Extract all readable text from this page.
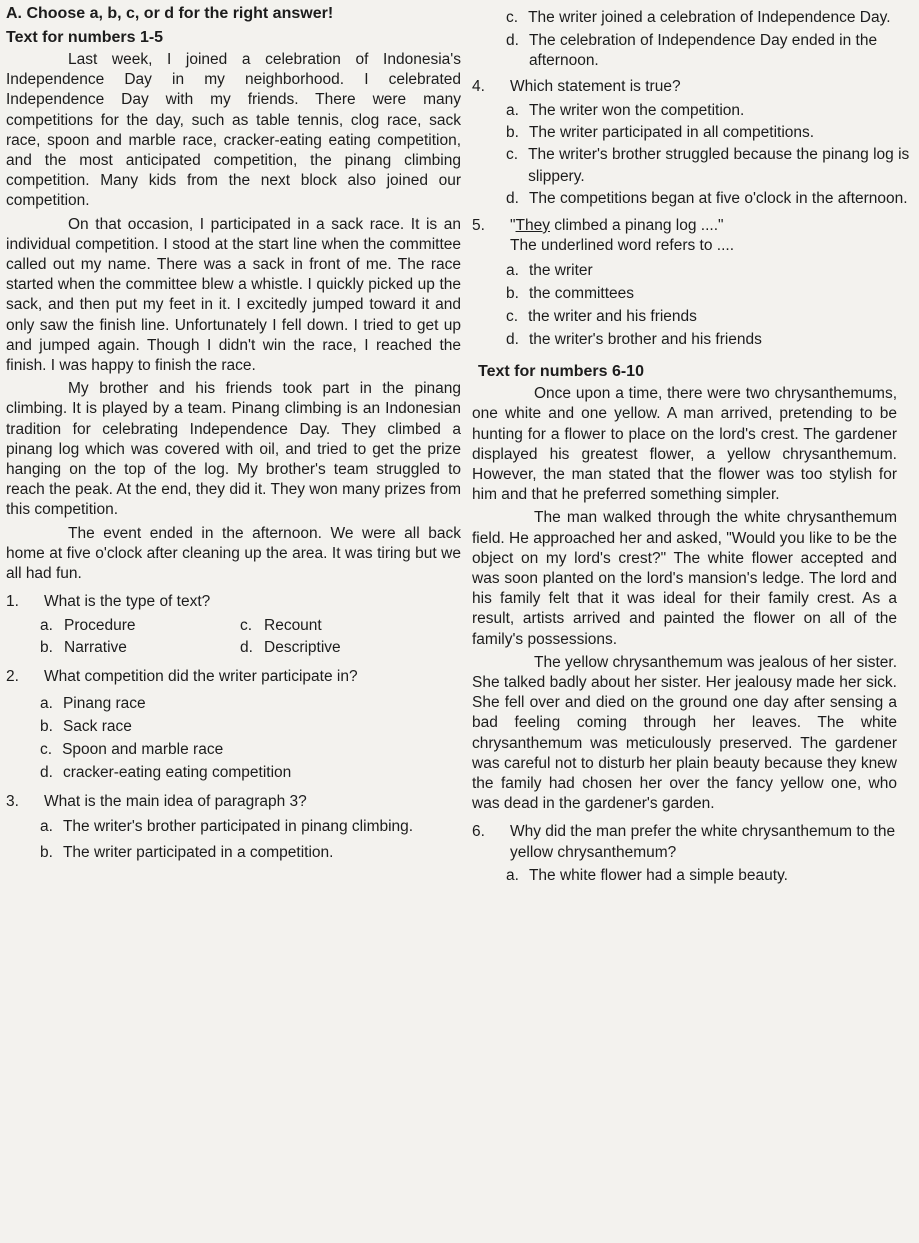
A. Choose a, b, c, or d for the right answer!

Text for numbers 1-5

Last week, I joined a celebration of Indonesia's Independence Day in my neighborhood. I celebrated Independence Day with my friends. There were many competitions for the day, such as table tennis, clog race, sack race, spoon and marble race, cracker-eating eating competition, and the most anticipated competition, the pinang climbing competition. Many kids from the next block also joined our competition.

On that occasion, I participated in a sack race. It is an individual competition. I stood at the start line when the committee called out my name. There was a sack in front of me. The race started when the committee blew a whistle. I quickly picked up the sack, and then put my feet in it. I excitedly jumped toward it and only saw the finish line. Unfortunately I fell down. I tried to get up and jumped again. Though I didn't win the race, I reached the finish. I was happy to finish the race.

My brother and his friends took part in the pinang climbing. It is played by a team. Pinang climbing is an Indonesian tradition for celebrating Independence Day. They climbed a pinang log which was covered with oil, and tried to get the prize hanging on the top of the log. My brother's team struggled to reach the peak. At the end, they did it. They won many prizes from this competition.

The event ended in the afternoon. We were all back home at five o'clock after cleaning up the area. It was tiring but we all had fun.

1.	What is the type of text?
a. Procedure	c. Recount
b. Narrative	d. Descriptive
2.	What competition did the writer participate in?
a. Pinang race
b. Sack race
c. Spoon and marble race
d. cracker-eating eating competition
3.	What is the main idea of paragraph 3?
a. The writer's brother participated in pinang climbing.
b. The writer participated in a competition.
c. The writer joined a celebration of Independence Day.
d. The celebration of Independence Day ended in the afternoon.
4.	Which statement is true?
a. The writer won the competition.
b. The writer participated in all competitions.
c. The writer's brother struggled because the pinang log is slippery.
d. The competitions began at five o'clock in the afternoon.
5.	"They climbed a pinang log ...."
The underlined word refers to ....
a. the writer
b. the committees
c. the writer and his friends
d. the writer's brother and his friends

Text for numbers 6-10

Once upon a time, there were two chrysanthemums, one white and one yellow. A man arrived, pretending to be hunting for a flower to place on the lord's crest. The gardener displayed his greatest flower, a yellow chrysanthemum. However, the man stated that the flower was too stylish for him and that he preferred something simpler.

The man walked through the white chrysanthemum field. He approached her and asked, "Would you like to be the object on my lord's crest?" The white flower accepted and was soon planted on the lord's mansion's ledge. The lord and his family felt that it was ideal for their family crest. As a result, artists arrived and painted the flower on all of the family's possessions.

The yellow chrysanthemum was jealous of her sister. She talked badly about her sister. Her jealousy made her sick. She fell over and died on the ground one day after sensing a bad feeling coming through her leaves. The white chrysanthemum was meticulously preserved. The gardener was careful not to disturb her plain beauty because they knew the family had chosen her over the fancy yellow one, who was dead in the gardener's garden.

6.	Why did the man prefer the white chrysanthemum to the yellow chrysanthemum?
a. The white flower had a simple beauty.
